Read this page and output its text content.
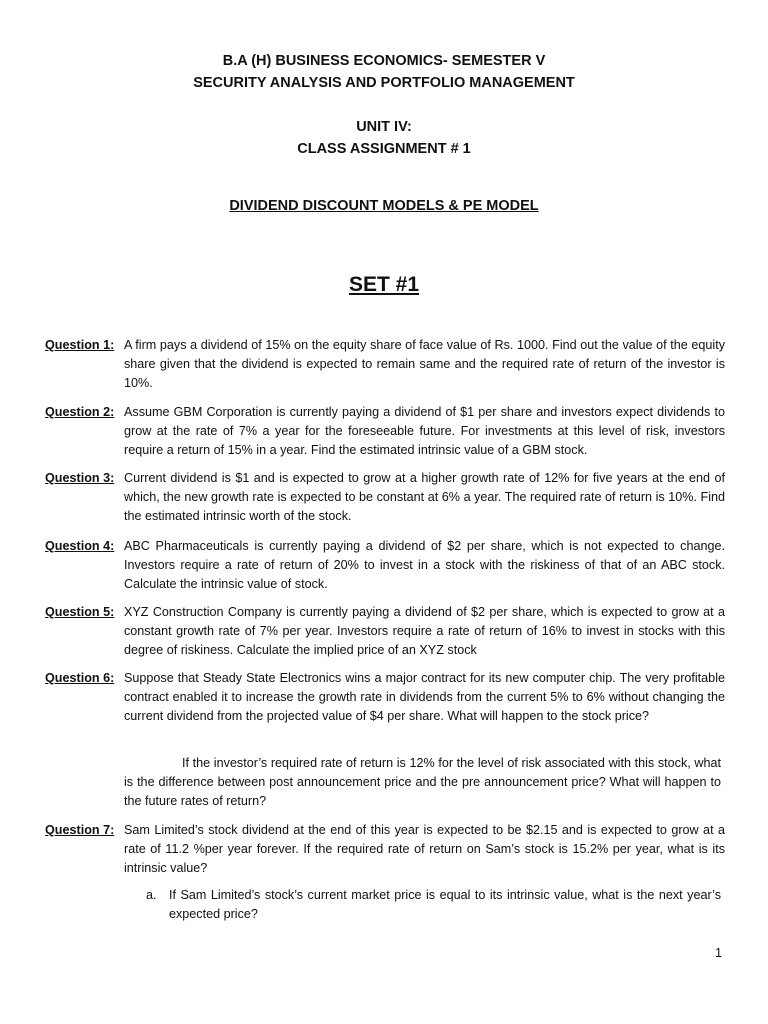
B.A (H) BUSINESS ECONOMICS- SEMESTER V
SECURITY ANALYSIS AND PORTFOLIO MANAGEMENT
UNIT IV:
CLASS ASSIGNMENT # 1
DIVIDEND DISCOUNT MODELS & PE MODEL
SET #1
Question 1: A firm pays a dividend of 15% on the equity share of face value of Rs. 1000. Find out the value of the equity share given that the dividend is expected to remain same and the required rate of return of the investor is 10%.
Question 2: Assume GBM Corporation is currently paying a dividend of $1 per share and investors expect dividends to grow at the rate of 7% a year for the foreseeable future. For investments at this level of risk, investors require a return of 15% in a year. Find the estimated intrinsic value of a GBM stock.
Question 3: Current dividend is $1 and is expected to grow at a higher growth rate of 12% for five years at the end of which, the new growth rate is expected to be constant at 6% a year. The required rate of return is 10%. Find the estimated intrinsic worth of the stock.
Question 4: ABC Pharmaceuticals is currently paying a dividend of $2 per share, which is not expected to change. Investors require a rate of return of 20% to invest in a stock with the riskiness of that of an ABC stock. Calculate the intrinsic value of stock.
Question 5: XYZ Construction Company is currently paying a dividend of $2 per share, which is expected to grow at a constant growth rate of 7% per year. Investors require a rate of return of 16% to invest in stocks with this degree of riskiness. Calculate the implied price of an XYZ stock
Question 6: Suppose that Steady State Electronics wins a major contract for its new computer chip. The very profitable contract enabled it to increase the growth rate in dividends from the current 5% to 6% without changing the current dividend from the projected value of $4 per share. What will happen to the stock price?
If the investor’s required rate of return is 12% for the level of risk associated with this stock, what is the difference between post announcement price and the pre announcement price? What will happen to the future rates of return?
Question 7: Sam Limited’s stock dividend at the end of this year is expected to be $2.15 and is expected to grow at a rate of 11.2 %per year forever. If the required rate of return on Sam’s stock is 15.2% per year, what is its intrinsic value?
a. If Sam Limited’s stock’s current market price is equal to its intrinsic value, what is the next year’s expected price?
1
